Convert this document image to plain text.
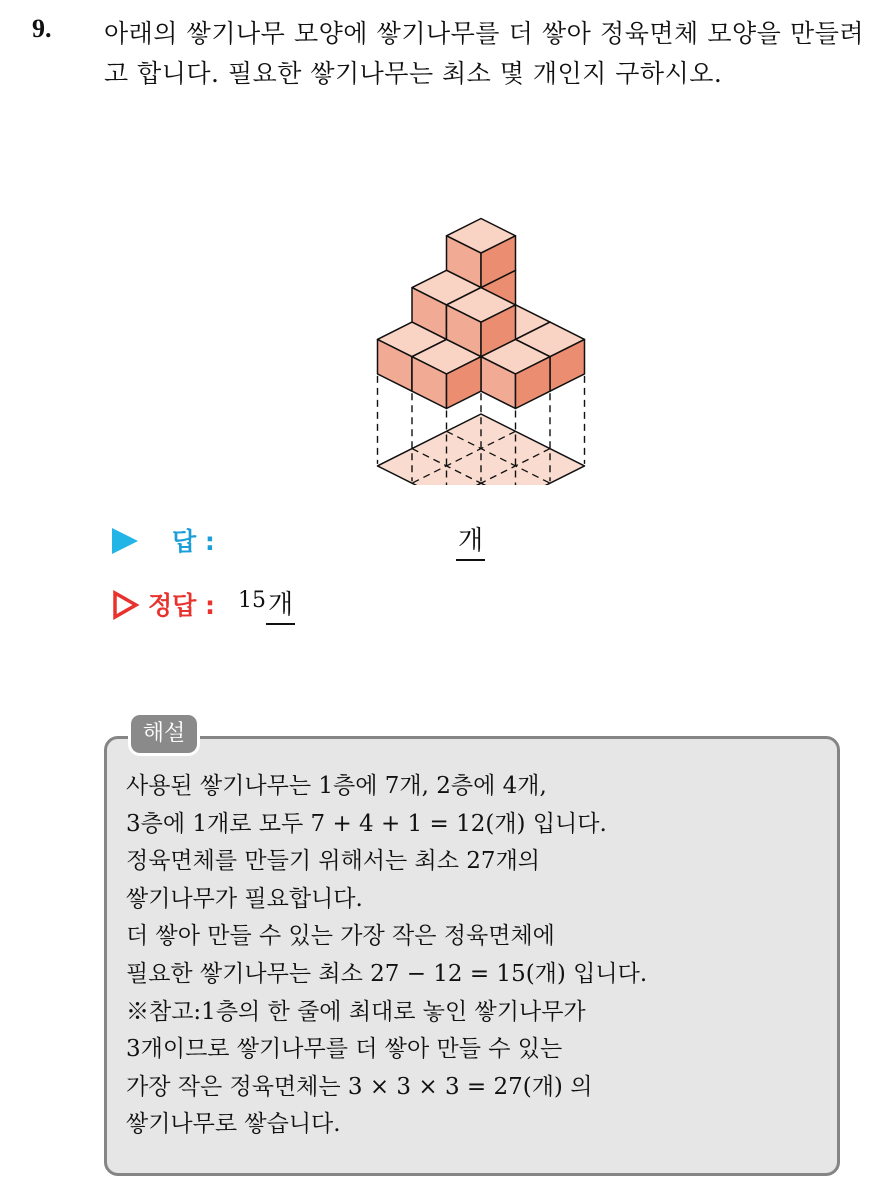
9. 아래의 쌓기나무 모양에 쌓기나무를 더 쌓아 정육면체 모양을 만들려고 합니다. 필요한 쌓기나무는 최소 몇 개인지 구하시오.
답 :	개
정답 : 15 개
해설
사용된 쌓기나무는 1층에 7개, 2층에 4개,
3층에 1개로 모두 7 + 4 + 1 = 12(개) 입니다.
정육면체를 만들기 위해서는 최소 27개의
쌓기나무가 필요합니다.
더 쌓아 만들 수 있는 가장 작은 정육면체에
필요한 쌓기나무는 최소 27 − 12 = 15(개) 입니다.
※참고:1층의 한 줄에 최대로 놓인 쌓기나무가
3개이므로 쌓기나무를 더 쌓아 만들 수 있는
가장 작은 정육면체는 3 × 3 × 3 = 27(개) 의
쌓기나무로 쌓습니다.
